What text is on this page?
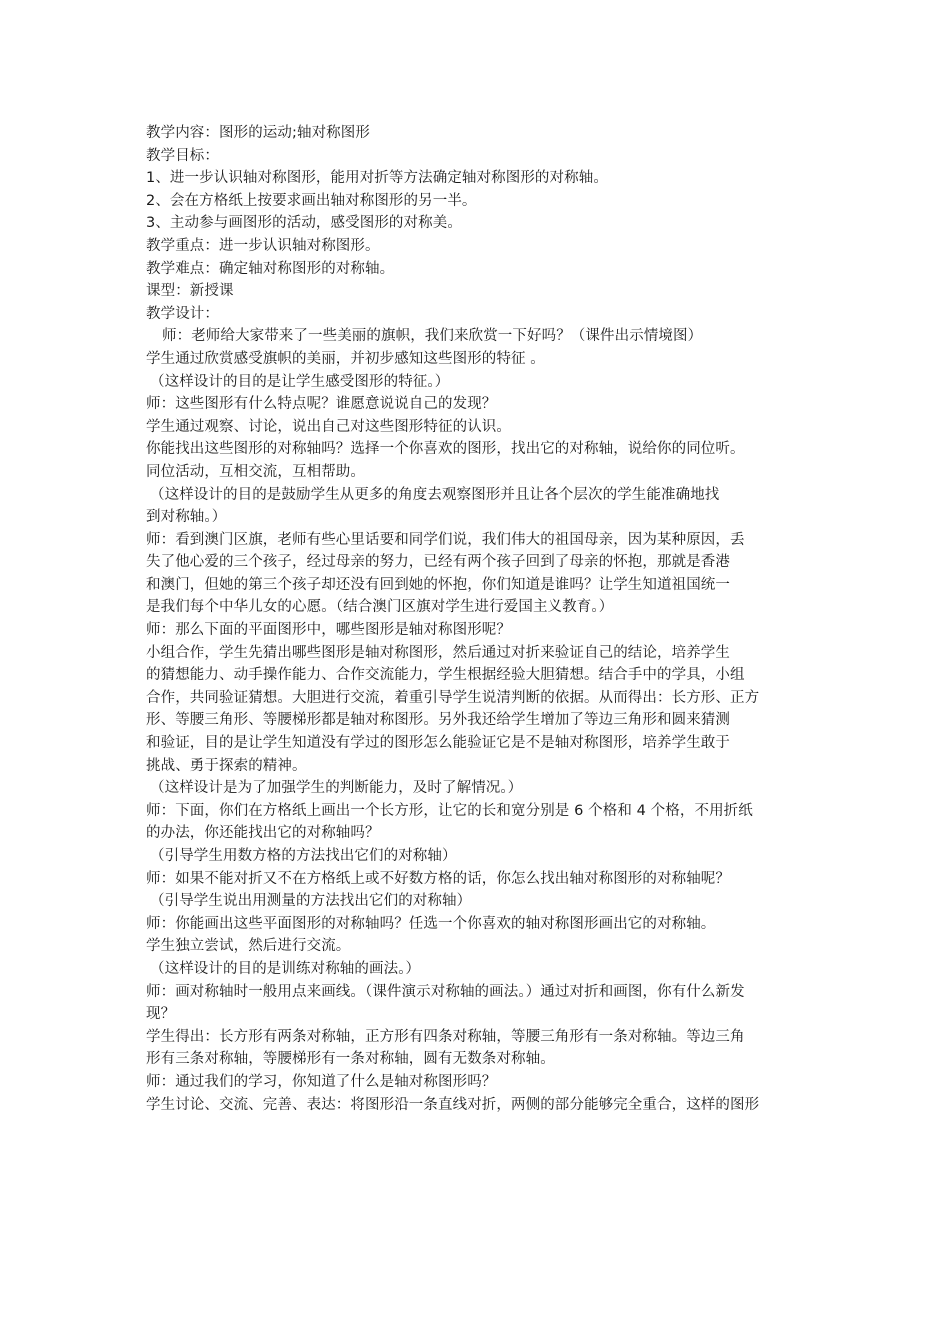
教学内容：图形的运动;轴对称图形
教学目标：
1、进一步认识轴对称图形，能用对折等方法确定轴对称图形的对称轴。
2、会在方格纸上按要求画出轴对称图形的另一半。
3、主动参与画图形的活动，感受图形的对称美。
教学重点：进一步认识轴对称图形。
教学难点：确定轴对称图形的对称轴。
课型：新授课
教学设计：
师：老师给大家带来了一些美丽的旗帜，我们来欣赏一下好吗？（课件出示情境图）
学生通过欣赏感受旗帜的美丽，并初步感知这些图形的特征 。
（这样设计的目的是让学生感受图形的特征。）
师：这些图形有什么特点呢？谁愿意说说自己的发现？
学生通过观察、讨论，说出自己对这些图形特征的认识。
你能找出这些图形的对称轴吗？选择一个你喜欢的图形，找出它的对称轴，说给你的同位听。
同位活动，互相交流，互相帮助。
（这样设计的目的是鼓励学生从更多的角度去观察图形并且让各个层次的学生能准确地找
到对称轴。）
师：看到澳门区旗，老师有些心里话要和同学们说，我们伟大的祖国母亲，因为某种原因，丢
失了他心爱的三个孩子，经过母亲的努力，已经有两个孩子回到了母亲的怀抱，那就是香港
和澳门，但她的第三个孩子却还没有回到她的怀抱，你们知道是谁吗？让学生知道祖国统一
是我们每个中华儿女的心愿。（结合澳门区旗对学生进行爱国主义教育。）
师：那么下面的平面图形中，哪些图形是轴对称图形呢？
小组合作，学生先猜出哪些图形是轴对称图形，然后通过对折来验证自己的结论，培养学生
的猜想能力、动手操作能力、合作交流能力，学生根据经验大胆猜想。结合手中的学具，小组
合作，共同验证猜想。大胆进行交流，着重引导学生说清判断的依据。从而得出：长方形、正方
形、等腰三角形、等腰梯形都是轴对称图形。另外我还给学生增加了等边三角形和圆来猜测
和验证，目的是让学生知道没有学过的图形怎么能验证它是不是轴对称图形，培养学生敢于
挑战、勇于探索的精神。
（这样设计是为了加强学生的判断能力，及时了解情况。）
师：下面，你们在方格纸上画出一个长方形，让它的长和宽分别是 6 个格和 4 个格，不用折纸
的办法，你还能找出它的对称轴吗？
（引导学生用数方格的方法找出它们的对称轴）
师：如果不能对折又不在方格纸上或不好数方格的话，你怎么找出轴对称图形的对称轴呢？
（引导学生说出用测量的方法找出它们的对称轴）
师：你能画出这些平面图形的对称轴吗？任选一个你喜欢的轴对称图形画出它的对称轴。
学生独立尝试，然后进行交流。
（这样设计的目的是训练对称轴的画法。）
师：画对称轴时一般用点来画线。（课件演示对称轴的画法。）通过对折和画图，你有什么新发
现？
学生得出：长方形有两条对称轴，正方形有四条对称轴，等腰三角形有一条对称轴。等边三角
形有三条对称轴，等腰梯形有一条对称轴，圆有无数条对称轴。
师：通过我们的学习，你知道了什么是轴对称图形吗？
学生讨论、交流、完善、表达：将图形沿一条直线对折，两侧的部分能够完全重合，这样的图形
